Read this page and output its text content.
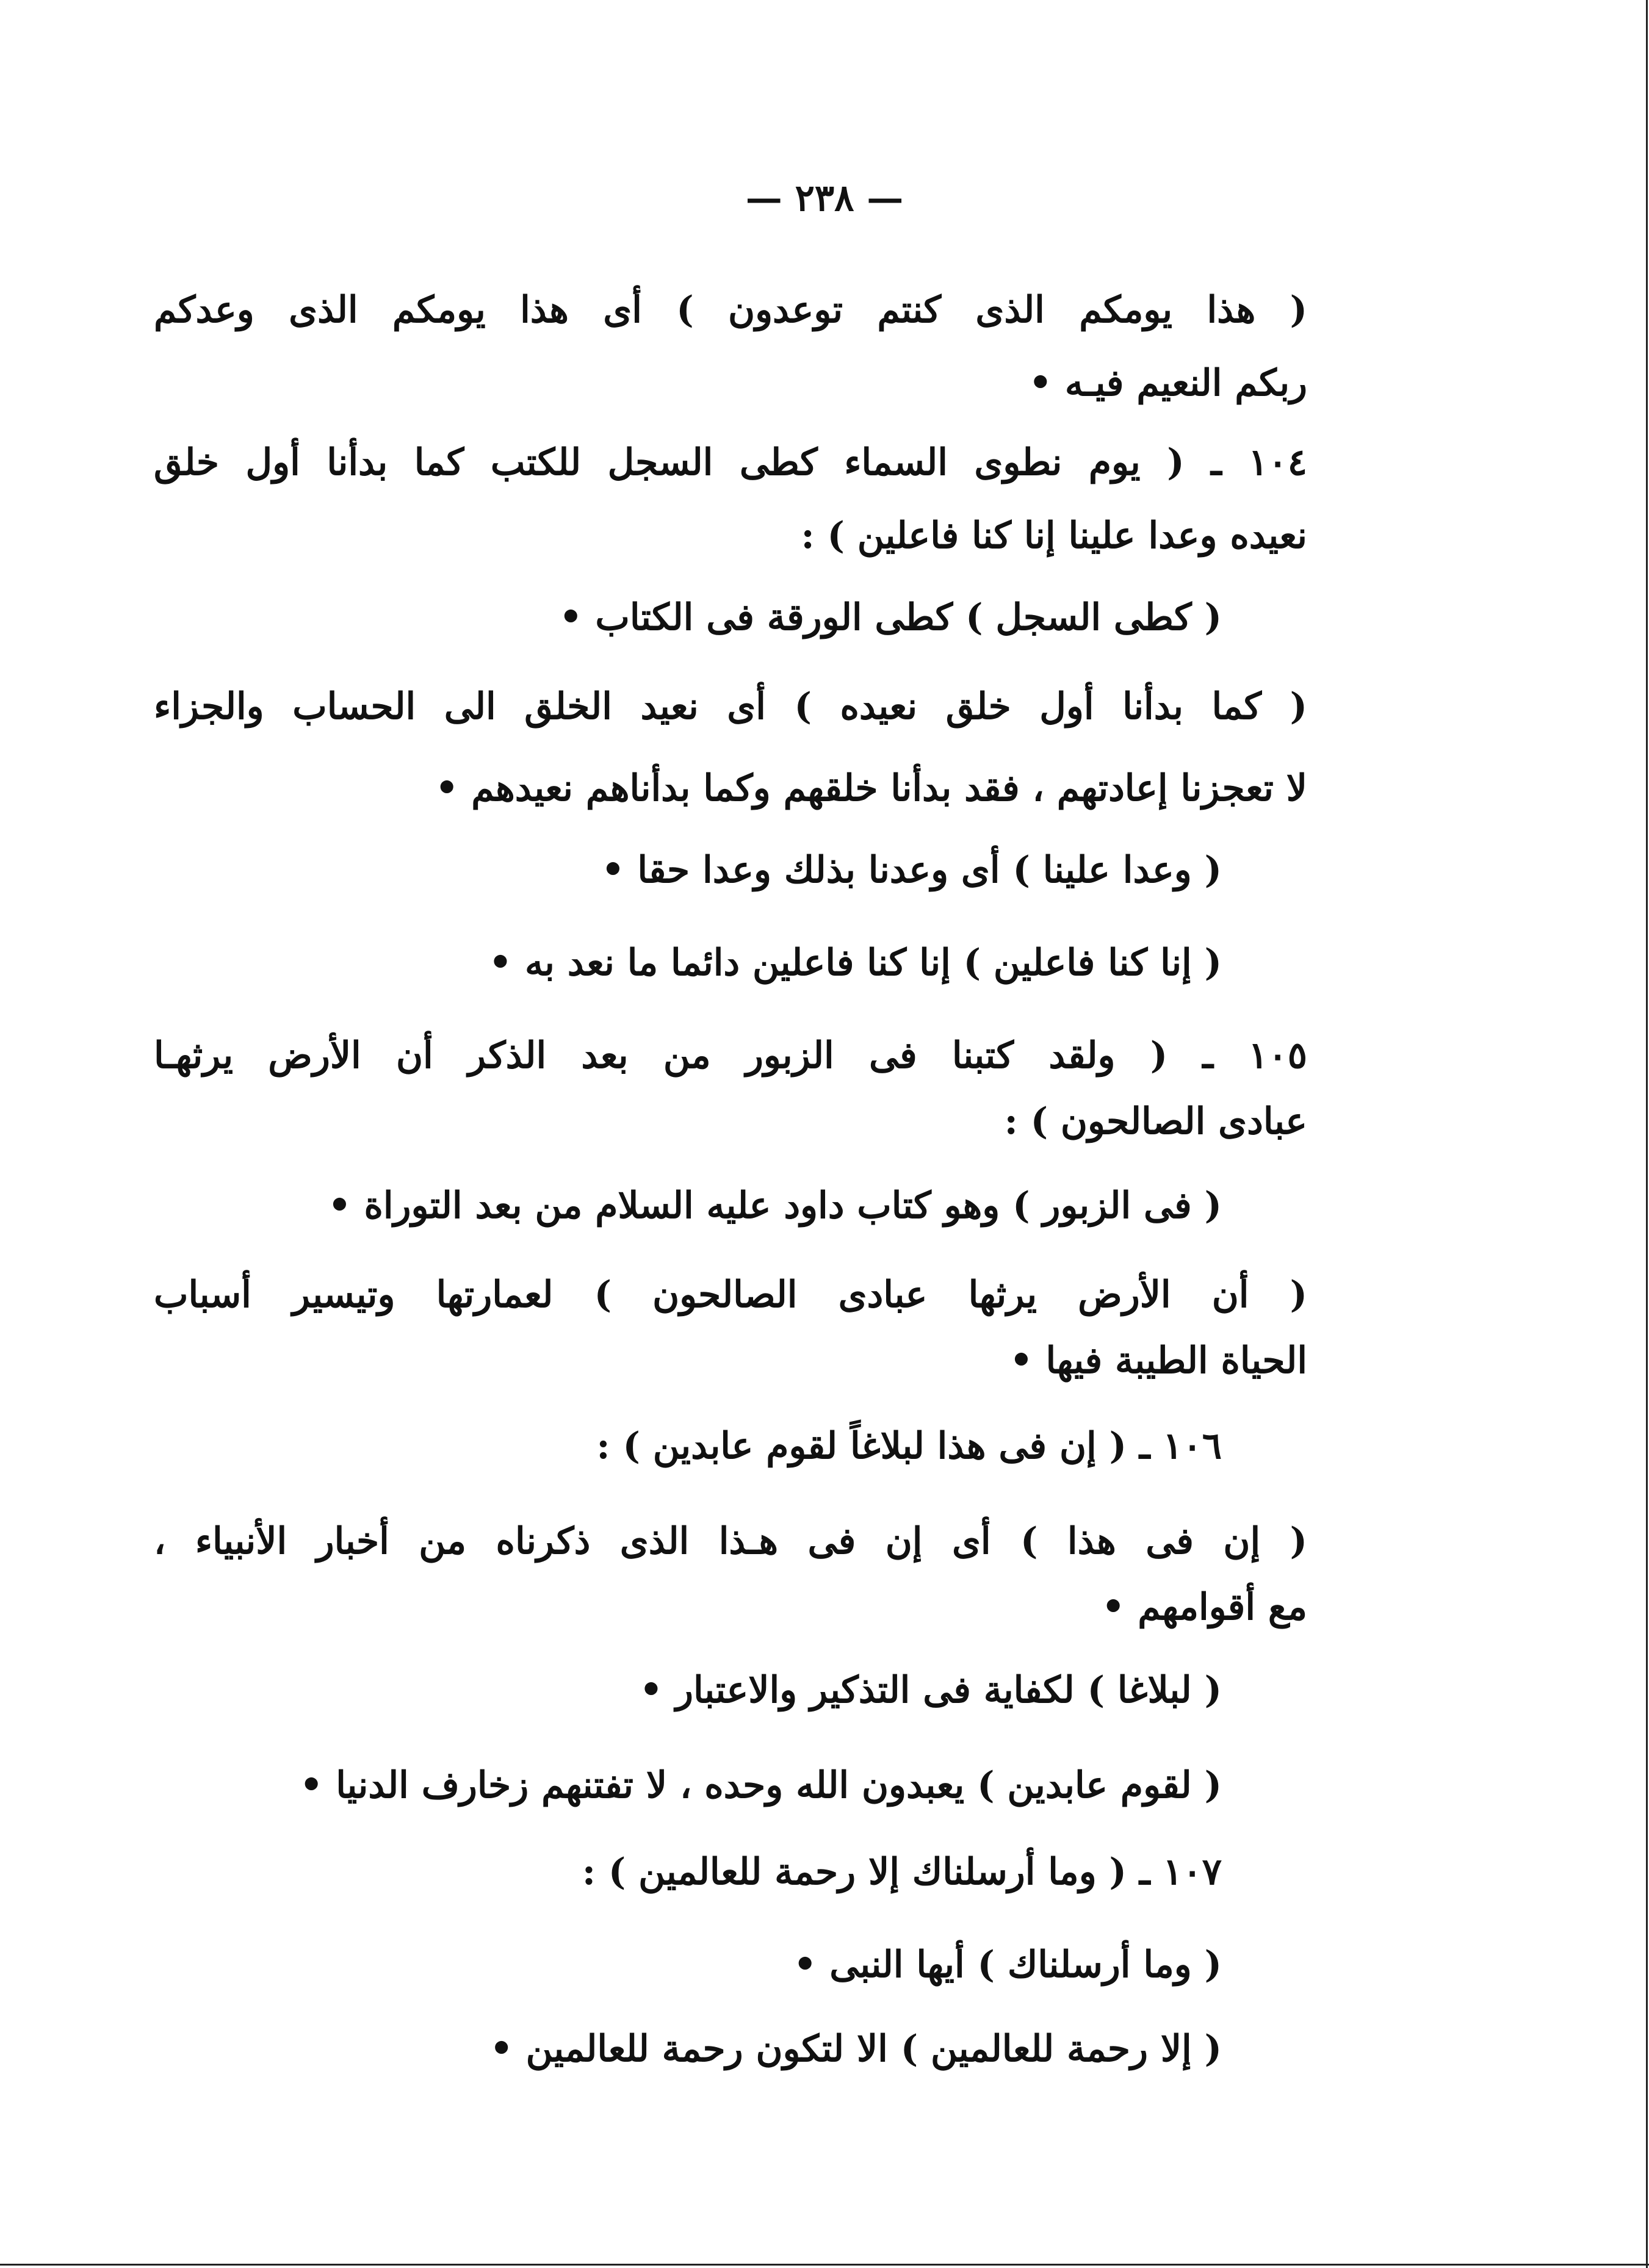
— ٢٣٨ —
( هذا يومكم الذى كنتم توعدون ) أى هذا يومكم الذى وعدكم
ربكم النعيم فيـه •
١٠٤ ـ ( يوم نطوى السماء كطى السجل للكتب كما بدأنا أول خلق
نعيده وعدا علينا إنا كنا فاعلين ) :
( كطى السجل ) كطى الورقة فى الكتاب •
( كما بدأنا أول خلق نعيده ) أى نعيد الخلق الى الحساب والجزاء
لا تعجزنا إعادتهم ، فقد بدأنا خلقهم وكما بدأناهم نعيدهم •
( وعدا علينا ) أى وعدنا بذلك وعدا حقا •
( إنا كنا فاعلين ) إنا كنا فاعلين دائما ما نعد به •
١٠٥ ـ ( ولقد كتبنا فى الزبور من بعد الذكر أن الأرض يرثهـا
عبادى الصالحون ) :
( فى الزبور ) وهو كتاب داود عليه السلام من بعد التوراة •
( أن الأرض يرثها عبادى الصالحون ) لعمارتها وتيسير أسباب
الحياة الطيبة فيها •
١٠٦ ـ ( إن فى هذا لبلاغاً لقوم عابدين ) :
( إن فى هذا ) أى إن فى هـذا الذى ذكرناه من أخبار الأنبياء ،
مع أقوامهم •
( لبلاغا ) لكفاية فى التذكير والاعتبار •
( لقوم عابدين ) يعبدون الله وحده ، لا تفتنهم زخارف الدنيا •
١٠٧ ـ ( وما أرسلناك إلا رحمة للعالمين ) :
( وما أرسلناك ) أيها النبى •
( إلا رحمة للعالمين ) الا لتكون رحمة للعالمين •
